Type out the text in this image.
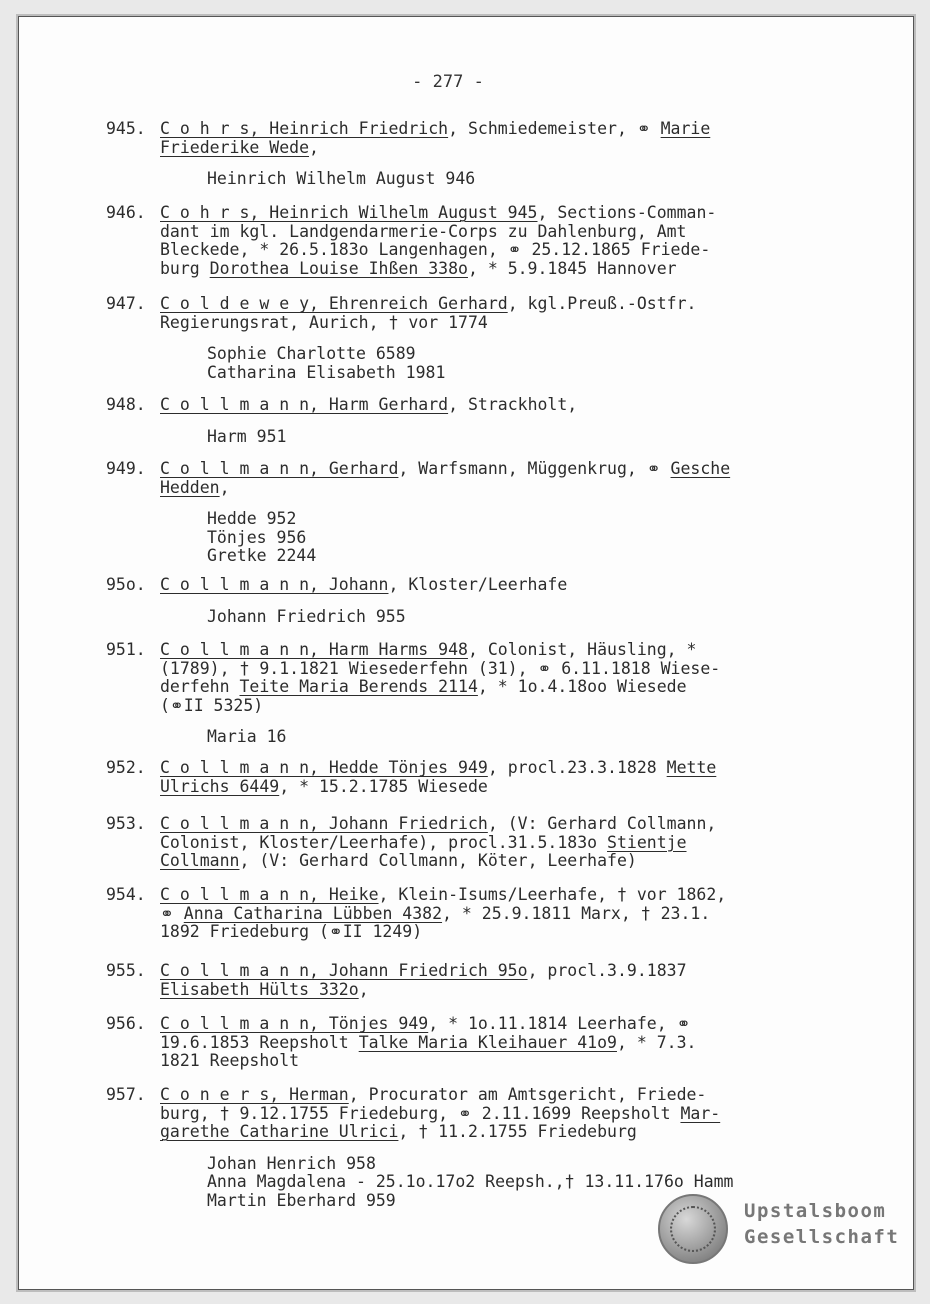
- 277 -
945. C o h r s, Heinrich Friedrich, Schmiedemeister, ⚭ Marie
Friederike Wede,
Heinrich Wilhelm August 946
946. C o h r s, Heinrich Wilhelm August 945, Sections-Comman-
dant im kgl. Landgendarmerie-Corps zu Dahlenburg, Amt
Bleckede, * 26.5.183o Langenhagen, ⚭ 25.12.1865 Friede-
burg Dorothea Louise Ihßen 338o, * 5.9.1845 Hannover
947. C o l d e w e y, Ehrenreich Gerhard, kgl.Preuß.-Ostfr.
Regierungsrat, Aurich, † vor 1774
Sophie Charlotte 6589
Catharina Elisabeth 1981
948. C o l l m a n n, Harm Gerhard, Strackholt,
Harm 951
949. C o l l m a n n, Gerhard, Warfsmann, Müggenkrug, ⚭ Gesche
Hedden,
Hedde 952
Tönjes 956
Gretke 2244
95o. C o l l m a n n, Johann, Kloster/Leerhafe
Johann Friedrich 955
951. C o l l m a n n, Harm Harms 948, Colonist, Häusling, *
(1789), † 9.1.1821 Wiesederfehn (31), ⚭ 6.11.1818 Wiese-
derfehn Teite Maria Berends 2114, * 1o.4.18oo Wiesede
(⚭II 5325)
Maria 16
952. C o l l m a n n, Hedde Tönjes 949, procl.23.3.1828 Mette
Ulrichs 6449, * 15.2.1785 Wiesede
953. C o l l m a n n, Johann Friedrich, (V: Gerhard Collmann,
Colonist, Kloster/Leerhafe), procl.31.5.183o Stientje
Collmann, (V: Gerhard Collmann, Köter, Leerhafe)
954. C o l l m a n n, Heike, Klein-Isums/Leerhafe, † vor 1862,
⚭ Anna Catharina Lübben 4382, * 25.9.1811 Marx, † 23.1.
1892 Friedeburg (⚭II 1249)
955. C o l l m a n n, Johann Friedrich 95o, procl.3.9.1837
Elisabeth Hülts 332o,
956. C o l l m a n n, Tönjes 949, * 1o.11.1814 Leerhafe, ⚭
19.6.1853 Reepsholt Talke Maria Kleihauer 41o9, * 7.3.
1821 Reepsholt
957. C o n e r s, Herman, Procurator am Amtsgericht, Friede-
burg, † 9.12.1755 Friedeburg, ⚭ 2.11.1699 Reepsholt Mar-
garethe Catharine Ulrici, † 11.2.1755 Friedeburg
Johan Henrich 958
Anna Magdalena - 25.1o.17o2 Reepsh.,† 13.11.176o Hamm
Martin Eberhard 959	Upstalsboom
Gesellschaft
